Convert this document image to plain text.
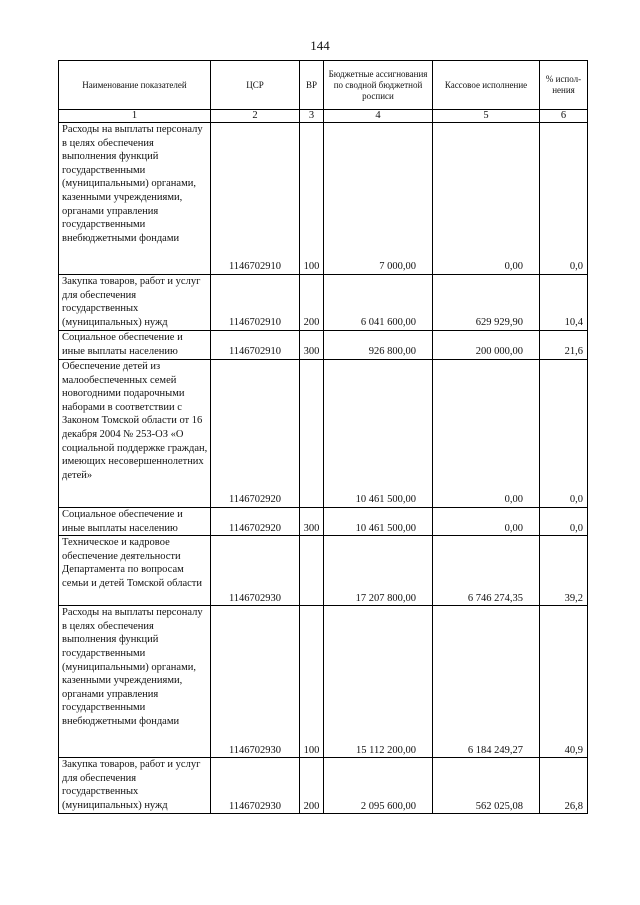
144
Наименование показателей	ЦСР	ВР	Бюджетные ассигнования по сводной бюджетной росписи	Кассовое исполнение	% испол-нения
1	2	3	4	5	6
Расходы на выплаты персоналу в целях обеспечения выполнения функций государственными (муниципальными) органами, казенными учреждениями, органами управления государственными внебюджетными фондами	1146702910	100	7 000,00	0,00	0,0
Закупка товаров, работ и услуг для обеспечения государственных (муниципальных) нужд	1146702910	200	6 041 600,00	629 929,90	10,4
Социальное обеспечение и иные выплаты населению	1146702910	300	926 800,00	200 000,00	21,6
Обеспечение детей из малообеспеченных семей новогодними подарочными наборами в соответствии с Законом Томской области от 16 декабря 2004 № 253-ОЗ «О социальной поддержке граждан, имеющих несовершеннолетних детей»	1146702920		10 461 500,00	0,00	0,0
Социальное обеспечение и иные выплаты населению	1146702920	300	10 461 500,00	0,00	0,0
Техническое и кадровое обеспечение деятельности Департамента по вопросам семьи и детей Томской области	1146702930		17 207 800,00	6 746 274,35	39,2
Расходы на выплаты персоналу в целях обеспечения выполнения функций государственными (муниципальными) органами, казенными учреждениями, органами управления государственными внебюджетными фондами	1146702930	100	15 112 200,00	6 184 249,27	40,9
Закупка товаров, работ и услуг для обеспечения государственных (муниципальных) нужд	1146702930	200	2 095 600,00	562 025,08	26,8
